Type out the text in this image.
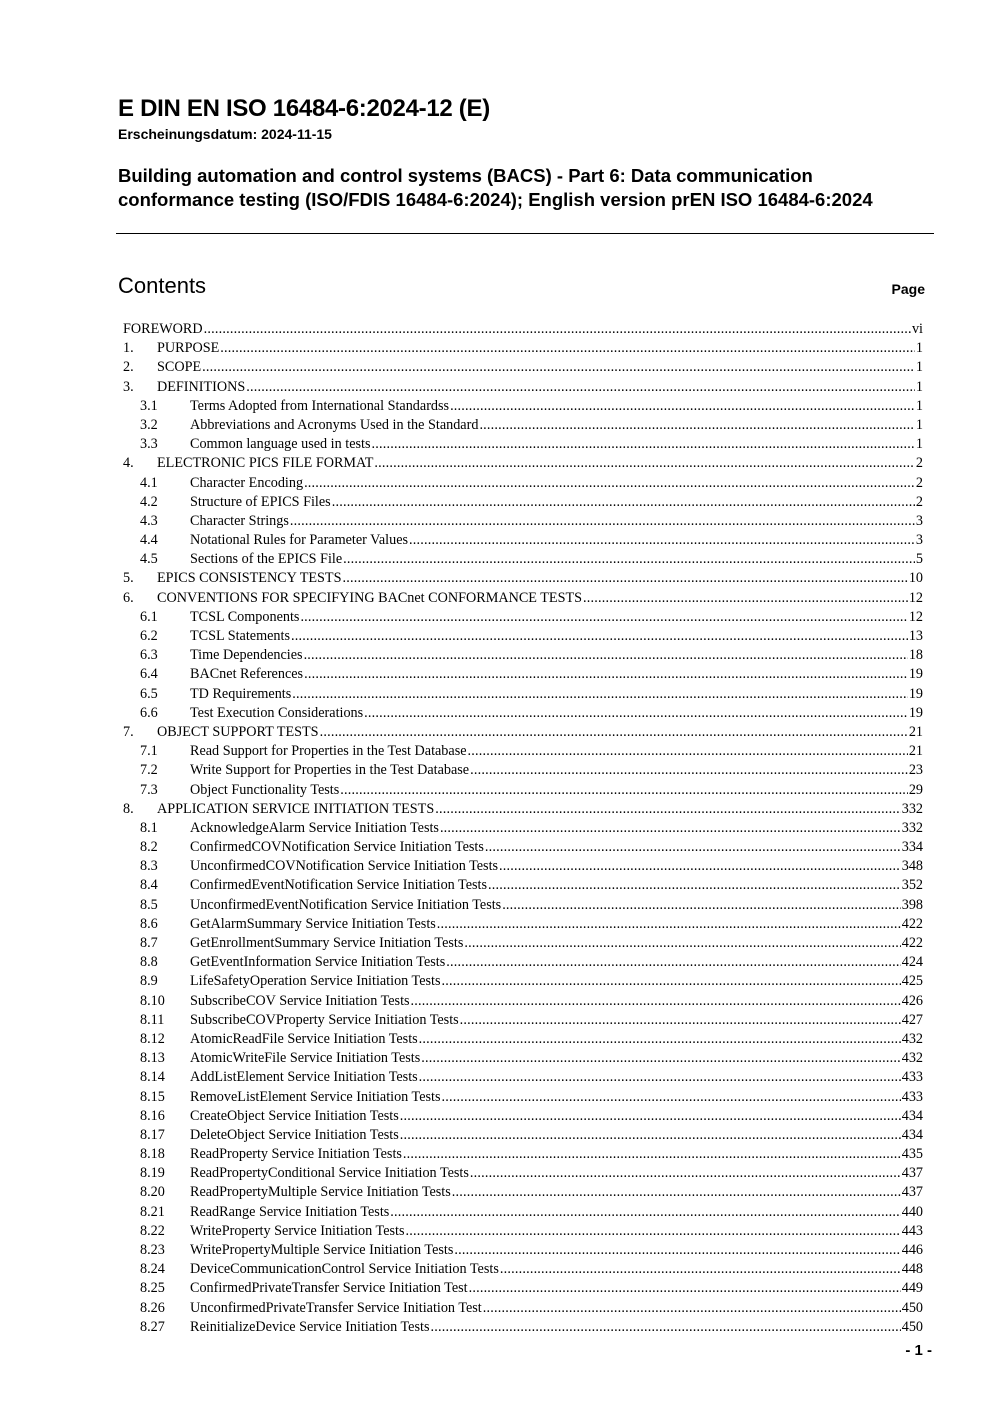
E DIN EN ISO 16484-6:2024-12 (E)
Erscheinungsdatum: 2024-11-15
Building automation and control systems (BACS) - Part 6: Data communication conformance testing (ISO/FDIS 16484-6:2024); English version prEN ISO 16484-6:2024
Contents	Page
FOREWORD .....	vi
1.	PURPOSE .....	1
2.	SCOPE .....	1
3.	DEFINITIONS .....	1
3.1	Terms Adopted from International Standardss .....	1
3.2	Abbreviations and Acronyms Used in the Standard .....	1
3.3	Common language used in tests .....	1
4.	ELECTRONIC PICS FILE FORMAT .....	2
4.1	Character Encoding .....	2
4.2	Structure of EPICS Files .....	2
4.3	Character Strings .....	3
4.4	Notational Rules for Parameter Values .....	3
4.5	Sections of the EPICS File .....	5
5.	EPICS CONSISTENCY TESTS .....	10
6.	CONVENTIONS FOR SPECIFYING BACnet CONFORMANCE TESTS .....	12
6.1	TCSL Components .....	12
6.2	TCSL Statements .....	13
6.3	Time Dependencies .....	18
6.4	BACnet References .....	19
6.5	TD Requirements .....	19
6.6	Test Execution Considerations .....	19
7.	OBJECT SUPPORT TESTS .....	21
7.1	Read Support for Properties in the Test Database .....	21
7.2	Write Support for Properties in the Test Database .....	23
7.3	Object Functionality Tests .....	29
8.	APPLICATION SERVICE INITIATION TESTS .....	332
8.1	AcknowledgeAlarm Service Initiation Tests .....	332
8.2	ConfirmedCOVNotification Service Initiation Tests .....	334
8.3	UnconfirmedCOVNotification Service Initiation Tests .....	348
8.4	ConfirmedEventNotification Service Initiation Tests .....	352
8.5	UnconfirmedEventNotification Service Initiation Tests .....	398
8.6	GetAlarmSummary Service Initiation Tests .....	422
8.7	GetEnrollmentSummary Service Initiation Tests .....	422
8.8	GetEventInformation Service Initiation Tests .....	424
8.9	LifeSafetyOperation Service Initiation Tests .....	425
8.10	SubscribeCOV Service Initiation Tests .....	426
8.11	SubscribeCOVProperty Service Initiation Tests .....	427
8.12	AtomicReadFile Service Initiation Tests .....	432
8.13	AtomicWriteFile Service Initiation Tests .....	432
8.14	AddListElement Service Initiation Tests .....	433
8.15	RemoveListElement Service Initiation Tests .....	433
8.16	CreateObject Service Initiation Tests .....	434
8.17	DeleteObject Service Initiation Tests .....	434
8.18	ReadProperty Service Initiation Tests .....	435
8.19	ReadPropertyConditional Service Initiation Tests .....	437
8.20	ReadPropertyMultiple Service Initiation Tests .....	437
8.21	ReadRange Service Initiation Tests .....	440
8.22	WriteProperty Service Initiation Tests .....	443
8.23	WritePropertyMultiple Service Initiation Tests .....	446
8.24	DeviceCommunicationControl Service Initiation Tests .....	448
8.25	ConfirmedPrivateTransfer Service Initiation Test .....	449
8.26	UnconfirmedPrivateTransfer Service Initiation Test .....	450
8.27	ReinitializeDevice Service Initiation Tests .....	450
- 1 -
